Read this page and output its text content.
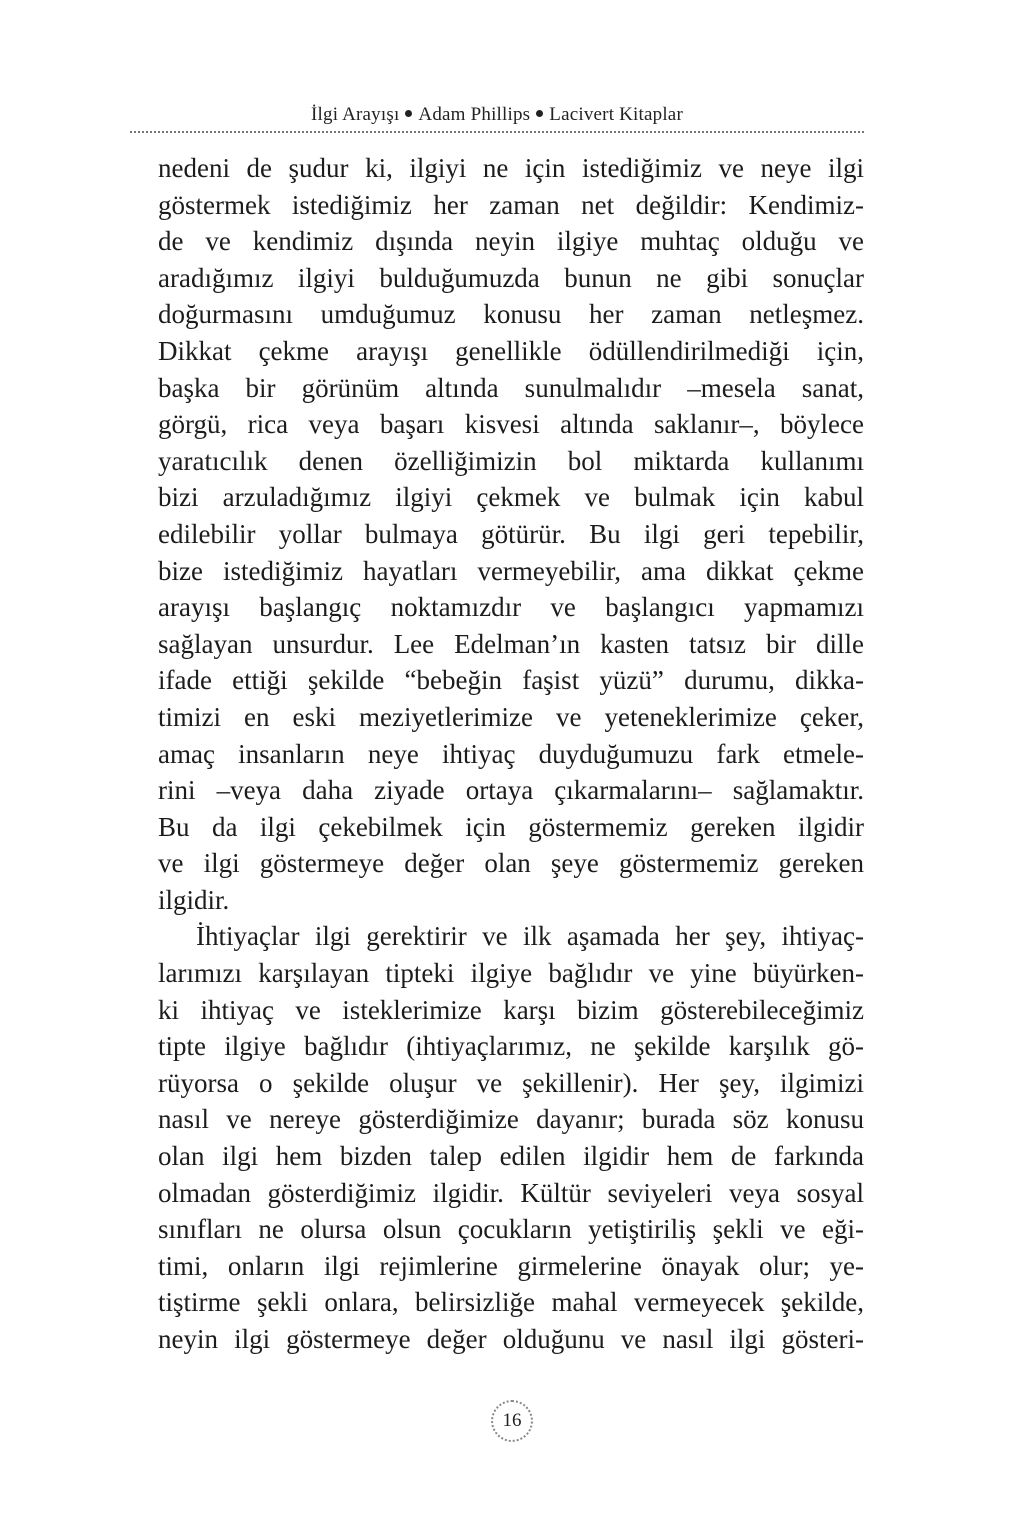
İlgi Arayışı Adam Phillips Lacivert Kitaplar
nedeni de şudur ki, ilgiyi ne için istediğimiz ve neye ilgi
göstermek istediğimiz her zaman net değildir: Kendimiz-
de ve kendimiz dışında neyin ilgiye muhtaç olduğu ve
aradığımız ilgiyi bulduğumuzda bunun ne gibi sonuçlar
doğurmasını umduğumuz konusu her zaman netleşmez.
Dikkat çekme arayışı genellikle ödüllendirilmediği için,
başka bir görünüm altında sunulmalıdır –mesela sanat,
görgü, rica veya başarı kisvesi altında saklanır–, böylece
yaratıcılık denen özelliğimizin bol miktarda kullanımı
bizi arzuladığımız ilgiyi çekmek ve bulmak için kabul
edilebilir yollar bulmaya götürür. Bu ilgi geri tepebilir,
bize istediğimiz hayatları vermeyebilir, ama dikkat çekme
arayışı başlangıç noktamızdır ve başlangıcı yapmamızı
sağlayan unsurdur. Lee Edelman’ın kasten tatsız bir dille
ifade ettiği şekilde “bebeğin faşist yüzü” durumu, dikka-
timizi en eski meziyetlerimize ve yeteneklerimize çeker,
amaç insanların neye ihtiyaç duyduğumuzu fark etmele-
rini –veya daha ziyade ortaya çıkarmalarını– sağlamaktır.
Bu da ilgi çekebilmek için göstermemiz gereken ilgidir
ve ilgi göstermeye değer olan şeye göstermemiz gereken
ilgidir.
İhtiyaçlar ilgi gerektirir ve ilk aşamada her şey, ihtiyaç-
larımızı karşılayan tipteki ilgiye bağlıdır ve yine büyürken-
ki ihtiyaç ve isteklerimize karşı bizim gösterebileceğimiz
tipte ilgiye bağlıdır (ihtiyaçlarımız, ne şekilde karşılık gö-
rüyorsa o şekilde oluşur ve şekillenir). Her şey, ilgimizi
nasıl ve nereye gösterdiğimize dayanır; burada söz konusu
olan ilgi hem bizden talep edilen ilgidir hem de farkında
olmadan gösterdiğimiz ilgidir. Kültür seviyeleri veya sosyal
sınıfları ne olursa olsun çocukların yetiştiriliş şekli ve eği-
timi, onların ilgi rejimlerine girmelerine önayak olur; ye-
tiştirme şekli onlara, belirsizliğe mahal vermeyecek şekilde,
neyin ilgi göstermeye değer olduğunu ve nasıl ilgi gösteri-
16
